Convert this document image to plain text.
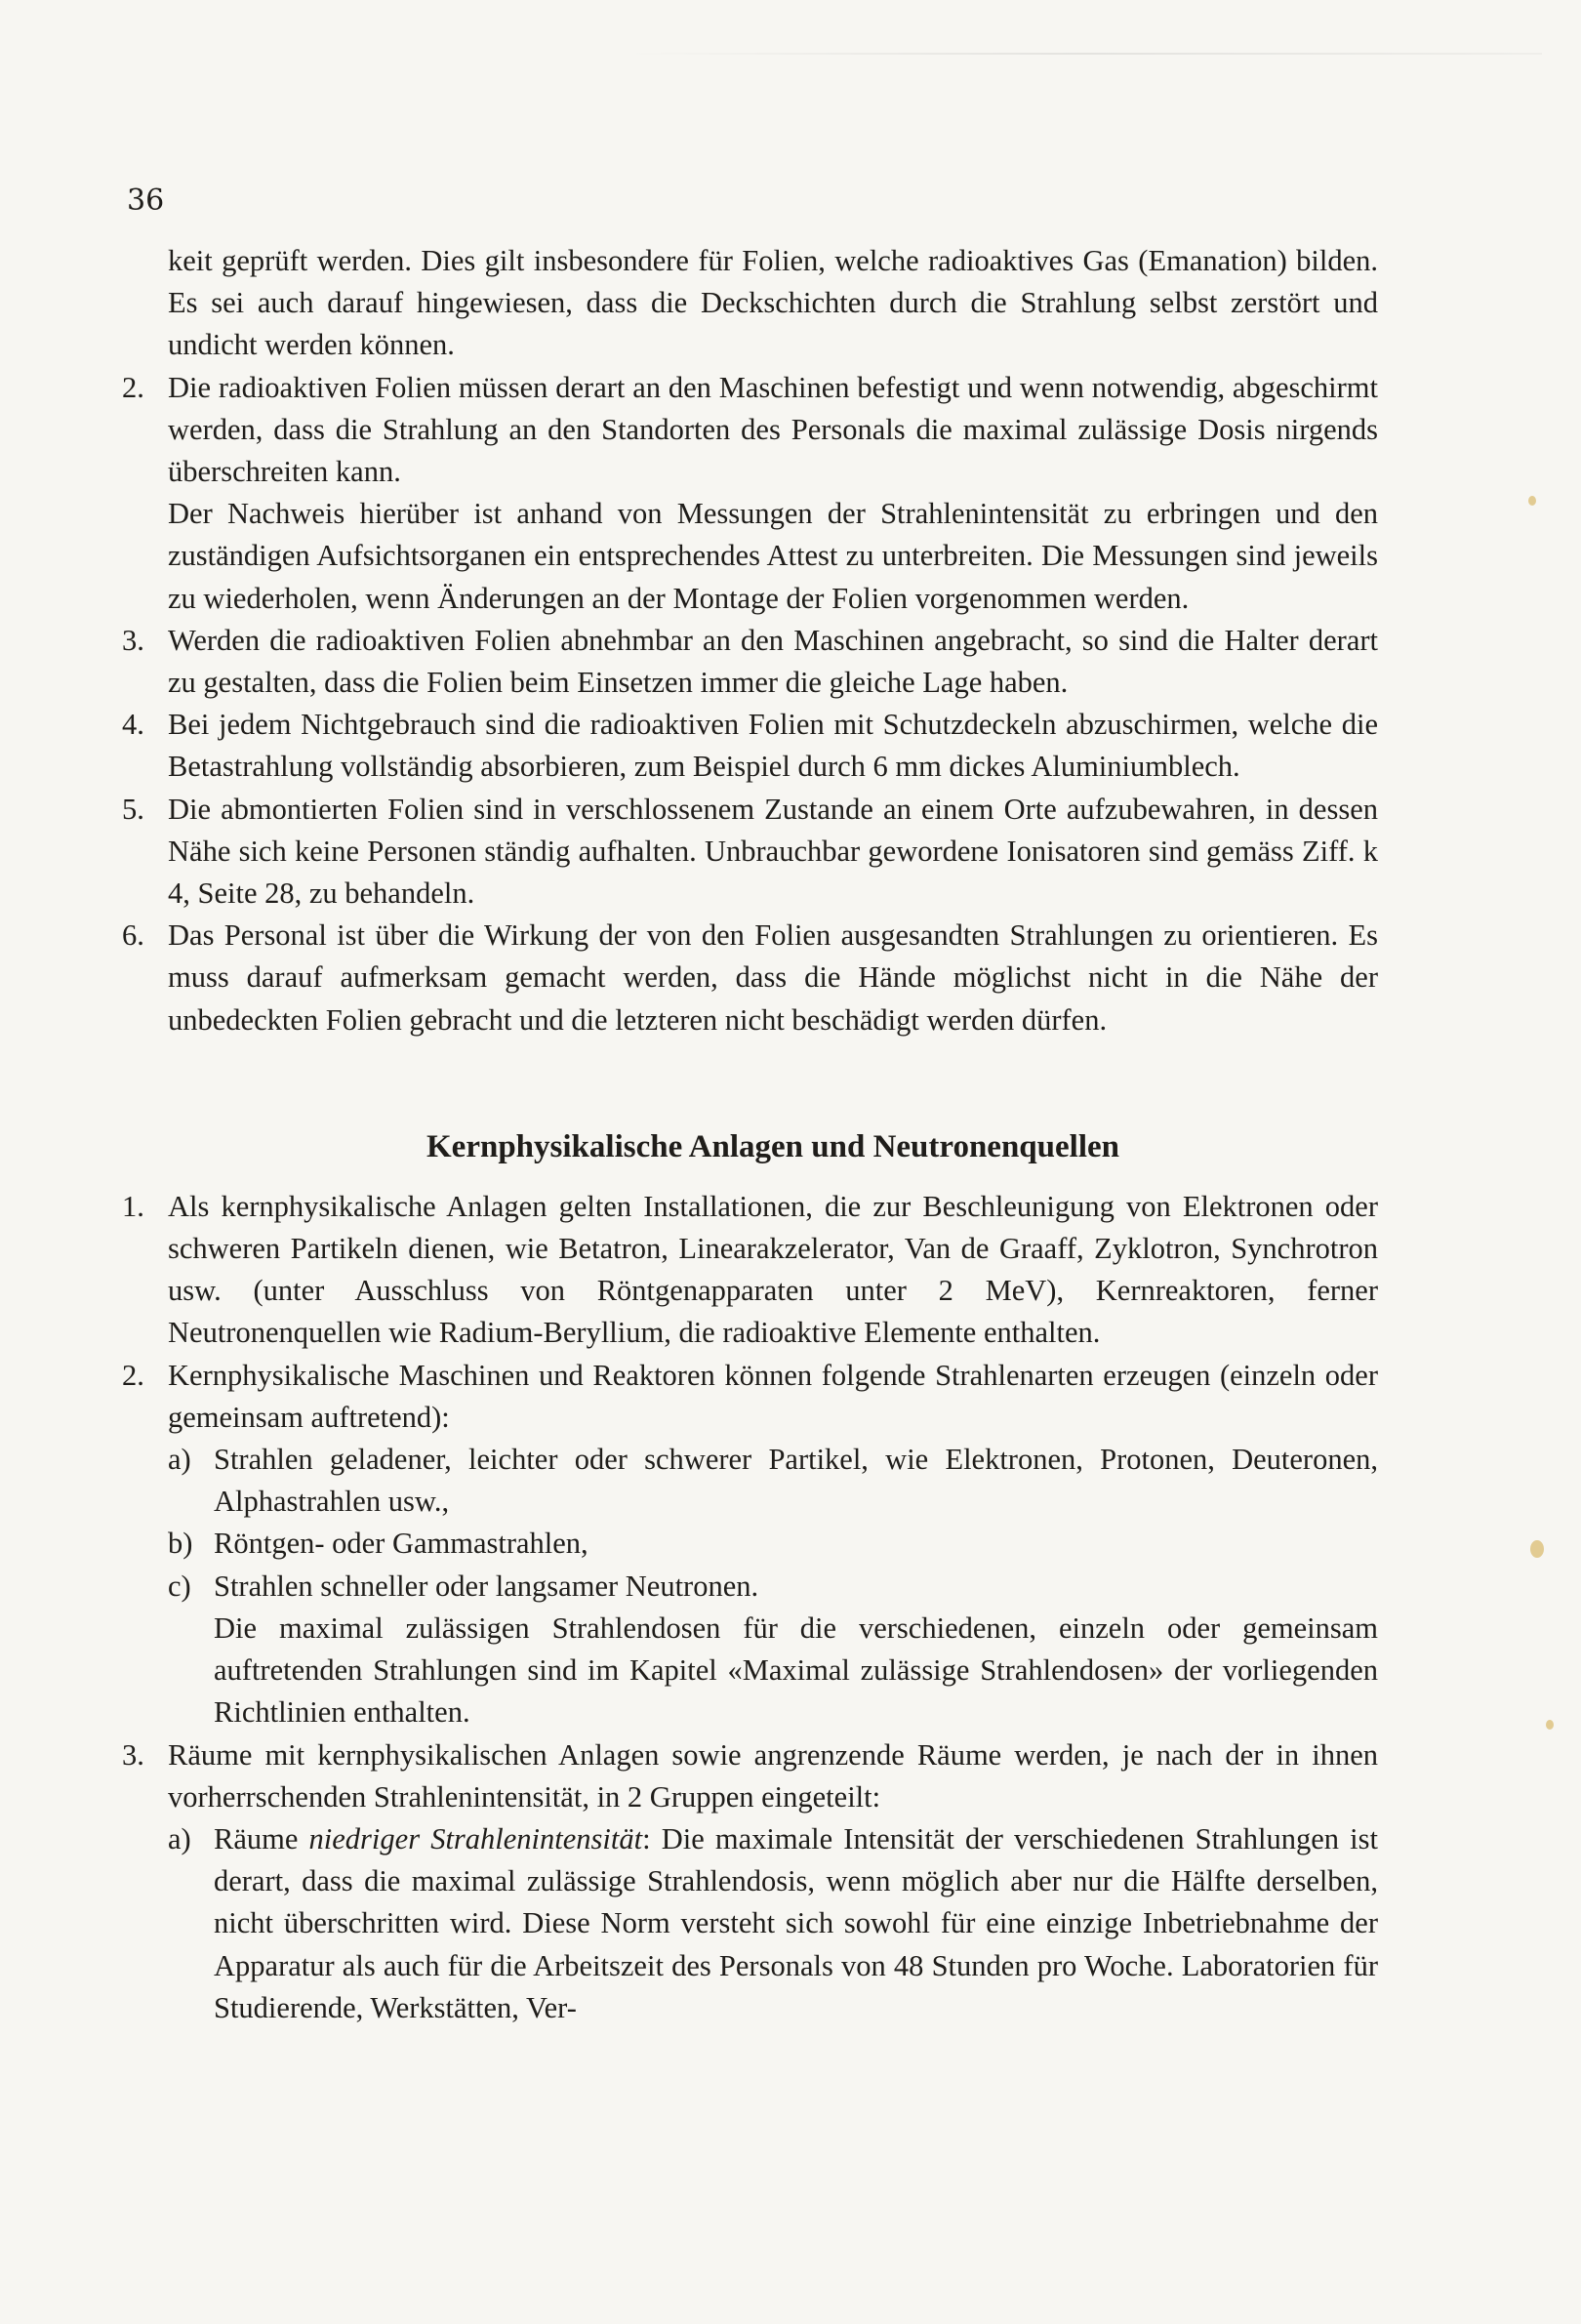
36
keit geprüft werden. Dies gilt insbesondere für Folien, welche radioaktives Gas (Emanation) bilden. Es sei auch darauf hingewiesen, dass die Deckschichten durch die Strahlung selbst zerstört und undicht werden können.
2. Die radioaktiven Folien müssen derart an den Maschinen befestigt und wenn notwendig, abgeschirmt werden, dass die Strahlung an den Standorten des Personals die maximal zulässige Dosis nirgends überschreiten kann.
Der Nachweis hierüber ist anhand von Messungen der Strahlenintensität zu erbringen und den zuständigen Aufsichtsorganen ein entsprechendes Attest zu unterbreiten. Die Messungen sind jeweils zu wiederholen, wenn Änderungen an der Montage der Folien vorgenommen werden.
3. Werden die radioaktiven Folien abnehmbar an den Maschinen angebracht, so sind die Halter derart zu gestalten, dass die Folien beim Einsetzen immer die gleiche Lage haben.
4. Bei jedem Nichtgebrauch sind die radioaktiven Folien mit Schutzdeckeln abzuschirmen, welche die Betastrahlung vollständig absorbieren, zum Beispiel durch 6 mm dickes Aluminiumblech.
5. Die abmontierten Folien sind in verschlossenem Zustande an einem Orte aufzubewahren, in dessen Nähe sich keine Personen ständig aufhalten. Unbrauchbar gewordene Ionisatoren sind gemäss Ziff. k 4, Seite 28, zu behandeln.
6. Das Personal ist über die Wirkung der von den Folien ausgesandten Strahlungen zu orientieren. Es muss darauf aufmerksam gemacht werden, dass die Hände möglichst nicht in die Nähe der unbedeckten Folien gebracht und die letzteren nicht beschädigt werden dürfen.
Kernphysikalische Anlagen und Neutronenquellen
1. Als kernphysikalische Anlagen gelten Installationen, die zur Beschleunigung von Elektronen oder schweren Partikeln dienen, wie Betatron, Linearakzelerator, Van de Graaff, Zyklotron, Synchrotron usw. (unter Ausschluss von Röntgenapparaten unter 2 MeV), Kernreaktoren, ferner Neutronenquellen wie Radium-Beryllium, die radioaktive Elemente enthalten.
2. Kernphysikalische Maschinen und Reaktoren können folgende Strahlenarten erzeugen (einzeln oder gemeinsam auftretend):
a) Strahlen geladener, leichter oder schwerer Partikel, wie Elektronen, Protonen, Deuteronen, Alphastrahlen usw.,
b) Röntgen- oder Gammastrahlen,
c) Strahlen schneller oder langsamer Neutronen.
Die maximal zulässigen Strahlendosen für die verschiedenen, einzeln oder gemeinsam auftretenden Strahlungen sind im Kapitel «Maximal zulässige Strahlendosen» der vorliegenden Richtlinien enthalten.
3. Räume mit kernphysikalischen Anlagen sowie angrenzende Räume werden, je nach der in ihnen vorherrschenden Strahlenintensität, in 2 Gruppen eingeteilt:
a) Räume niedriger Strahlenintensität: Die maximale Intensität der verschiedenen Strahlungen ist derart, dass die maximal zulässige Strahlendosis, wenn möglich aber nur die Hälfte derselben, nicht überschritten wird. Diese Norm versteht sich sowohl für eine einzige Inbetriebnahme der Apparatur als auch für die Arbeitszeit des Personals von 48 Stunden pro Woche. Laboratorien für Studierende, Werkstätten, Ver-
